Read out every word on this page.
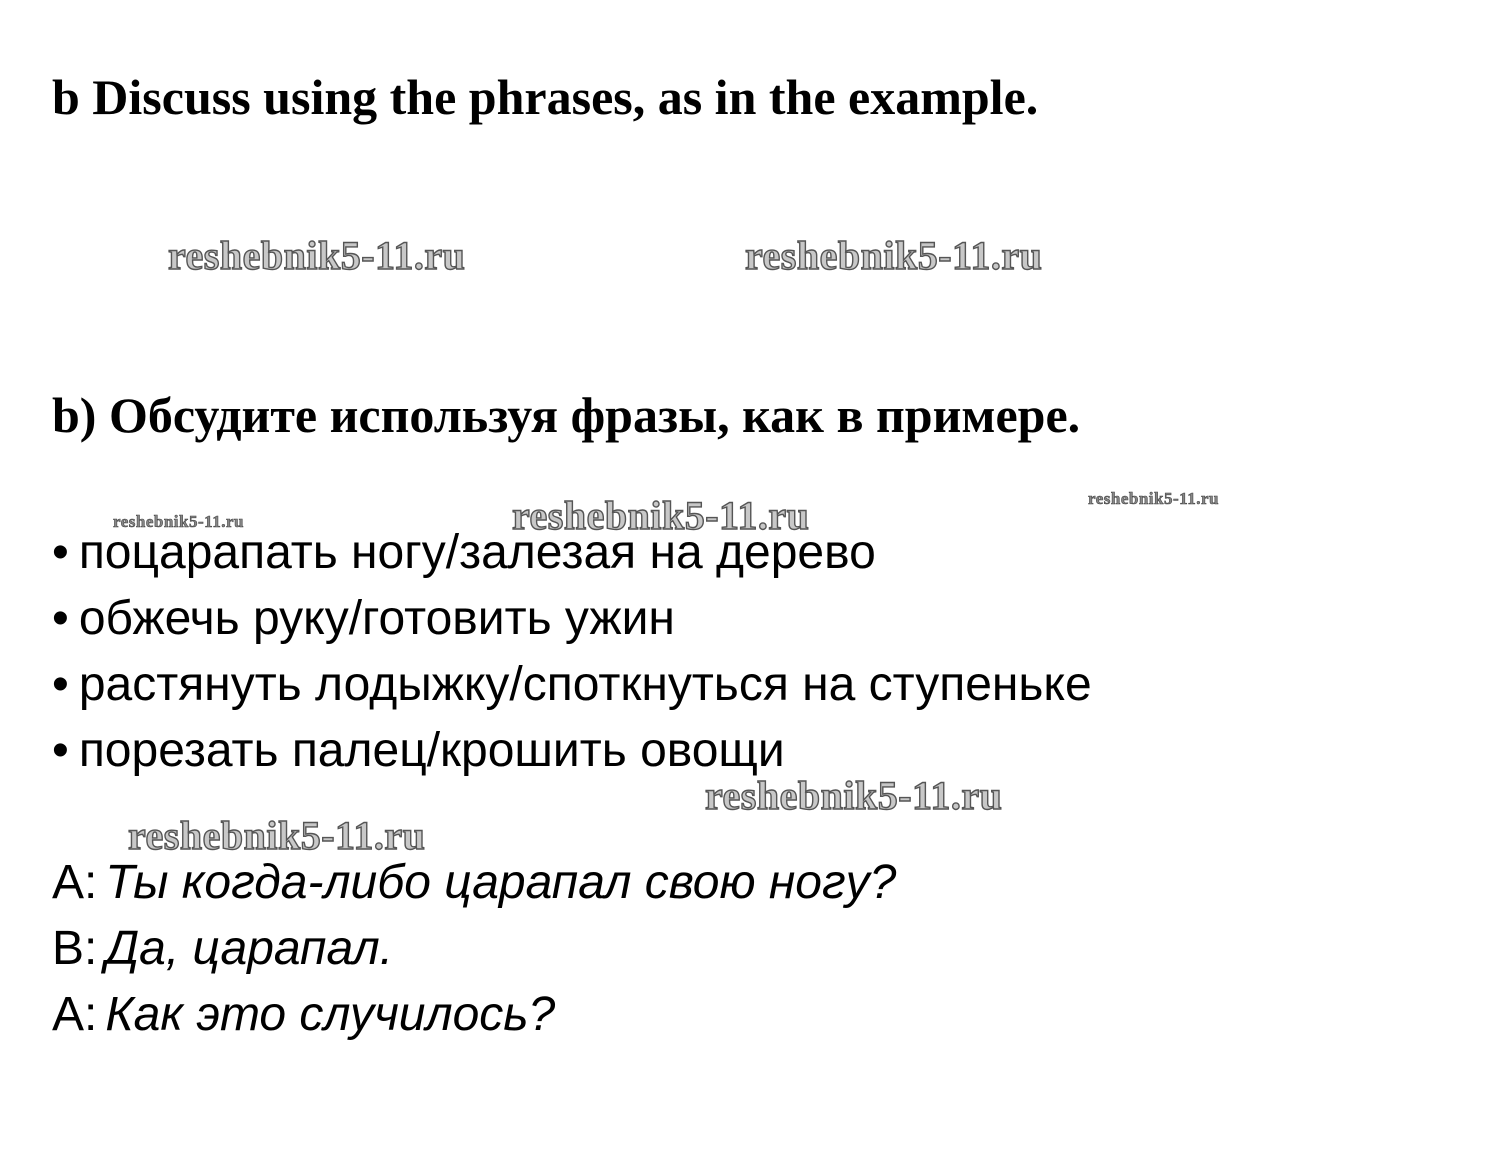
b Discuss using the phrases, as in the example.
b) Обсудите используя фразы, как в примере.
• поцарапать ногу/залезая на дерево
• обжечь руку/готовить ужин
• растянуть лодыжку/споткнуться на ступеньке
• порезать палец/крошить овощи
A: Ты когда-либо царапал свою ногу?
B: Да, царапал.
A: Как это случилось?
reshebnik5-11.ru	reshebnik5-11.ru
reshebnik5-11.ru
reshebnik5-11.ru
reshebnik5-11.ru
reshebnik5-11.ru
reshebnik5-11.ru
